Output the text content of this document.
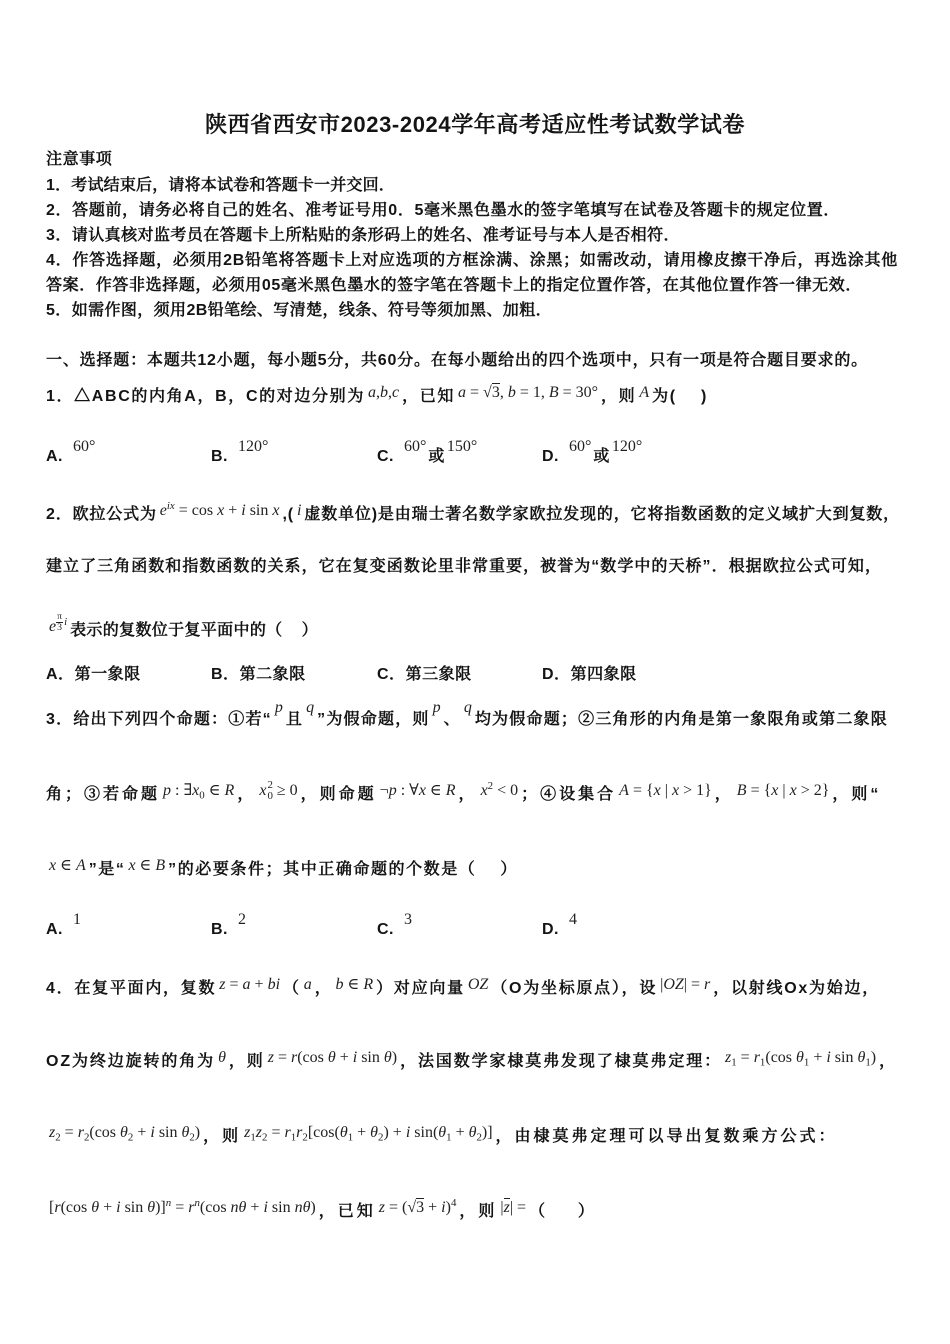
陕西省西安市2023-2024学年高考适应性考试数学试卷
注意事项
1．考试结束后，请将本试卷和答题卡一并交回．
2．答题前，请务必将自己的姓名、准考证号用0．5毫米黑色墨水的签字笔填写在试卷及答题卡的规定位置．
3．请认真核对监考员在答题卡上所粘贴的条形码上的姓名、准考证号与本人是否相符．
4．作答选择题，必须用2B铅笔将答题卡上对应选项的方框涂满、涂黑；如需改动，请用橡皮擦干净后，再选涂其他
答案．作答非选择题，必须用05毫米黑色墨水的签字笔在答题卡上的指定位置作答，在其他位置作答一律无效．
5．如需作图，须用2B铅笔绘、写清楚，线条、符号等须加黑、加粗．
一、选择题：本题共12小题，每小题5分，共60分。在每小题给出的四个选项中，只有一项是符合题目要求的。
1．△ABC的内角A，B，C的对边分别为 a,b,c ，已知 a = √3, b = 1, B = 30° ，则 A 为(    )
A.60°
B.120°
C.60°或150°
D.60°或120°
2．欧拉公式为 $e^{ix} = \cos x + i$ sin x ,( i 虚数单位)是由瑞士著名数学家欧拉发现的，它将指数函数的定义域扩大到复数，
建立了三角函数和指数函数的关系，它在复变函数论里非常重要，被誉为“数学中的天桥”．根据欧拉公式可知，
e $^{\frac{\pi}{3} i}$ 表示的复数位于复平面中的（    ）
A．第一象限	B．第二象限	C．第三象限	D．第四象限
3．给出下列四个命题：①若“p且q”为假命题，则p、q均为假命题；②三角形的内角是第一象限角或第二象限
角；③若命题 p : $\exists x_0$ ∈ R ， x 2
0 ≥ 0 ，则命题 ¬p : ∀x ∈ R ， $x^2 < 0$ ；④设集合 A = {x | x > 1} ， B = {x | x > 2} ，则“
x ∈ A ”是“ x ∈ B ”的必要条件；其中正确命题的个数是（    ）
A.1
B.2
C.3
D.4
4．在复平面内，复数 z = a + bi （ a ， b ∈ R ）对应向量 OZ （O为坐标原点），设 |OZ| = r ，以射线Ox为始边，
OZ为终边旋转的角为 θ ，则 z = r(cos θ + i sin θ) ，法国数学家棣莫弗发现了棣莫弗定理： $z_1 = r_1(\cos$ $\theta_1 + i$ $\sin \theta_1$) ，
$z_2 = r_2(\cos$ $\theta_2 + i$ $\sin \theta_2$) ，则 $z_1z_2 = r_1r_2[\cos(\theta_1 + \theta_2) + i$ $\sin(\theta_1 + \theta_2)$] ，由棣莫弗定理可以导出复数乘方公式：
[r(cos θ + i $\sin \theta)]^n = r^n(\cos$ nθ + i sin nθ) ，已知 $z = (√3 + i)^4$ ，则 |z| = （    ）
